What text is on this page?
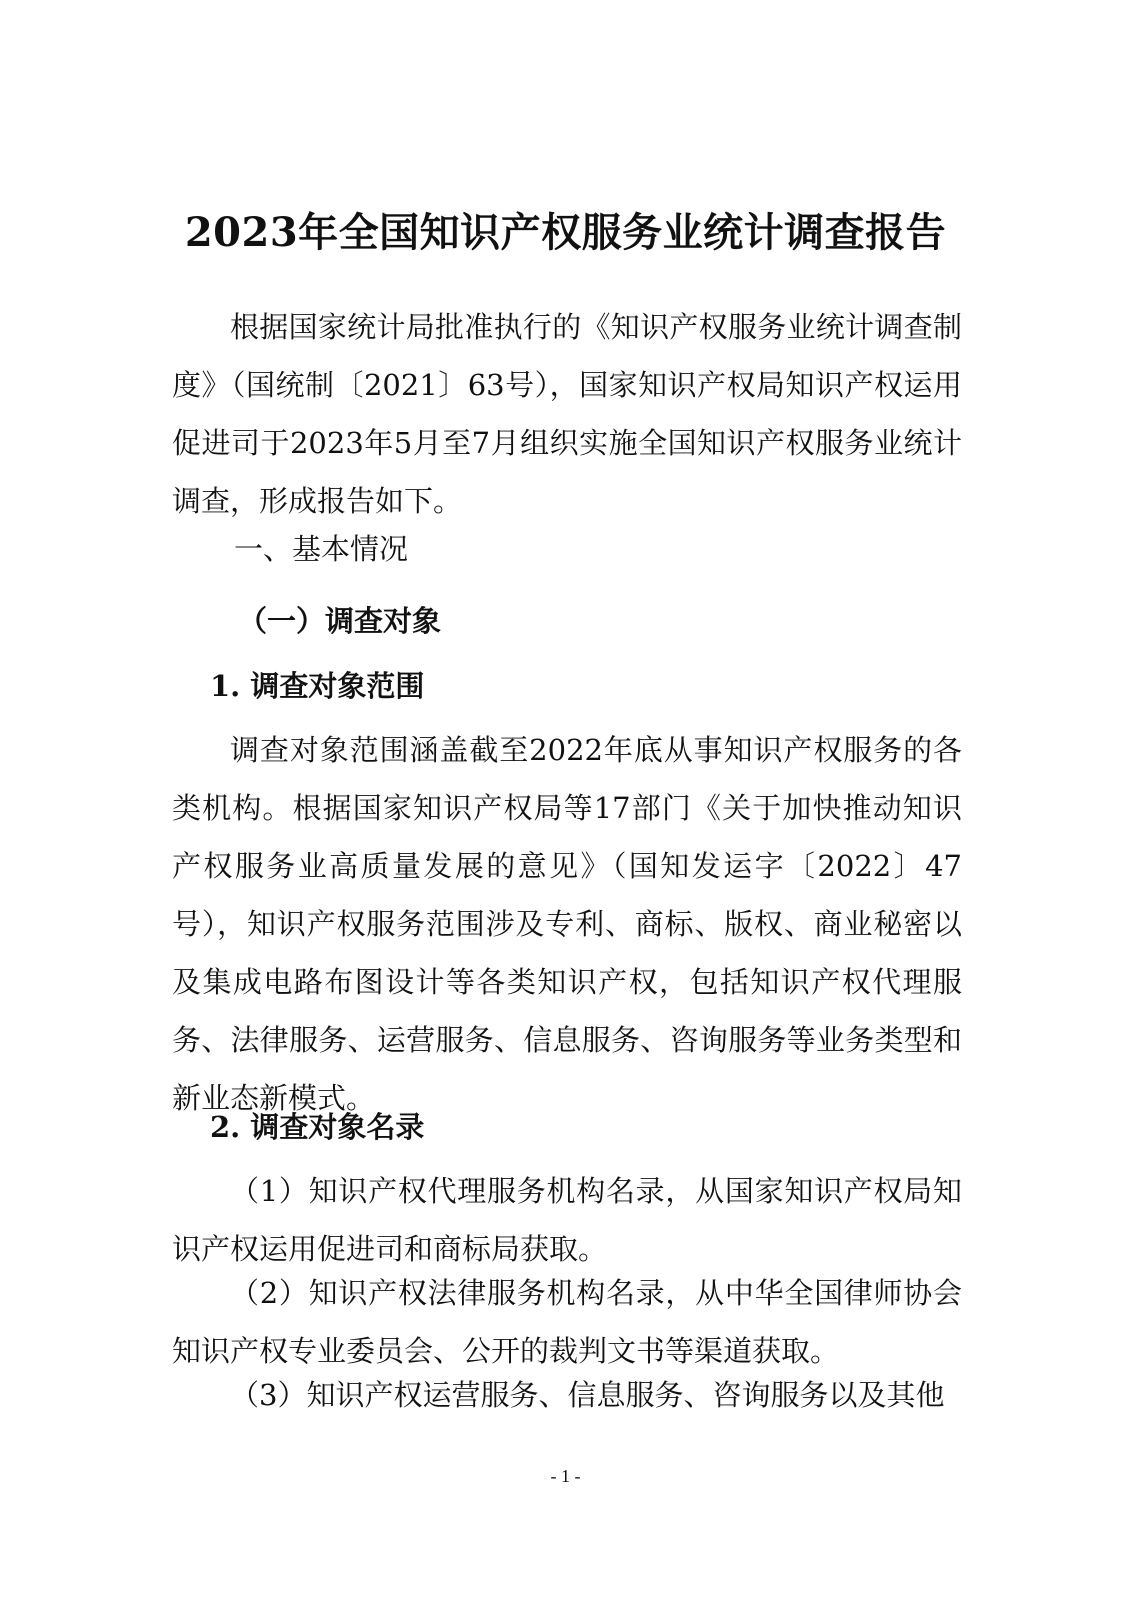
2023年全国知识产权服务业统计调查报告

根据国家统计局批准执行的《知识产权服务业统计调查制度》（国统制〔2021〕63号），国家知识产权局知识产权运用促进司于2023年5月至7月组织实施全国知识产权服务业统计调查，形成报告如下。

一、基本情况
（一）调查对象
1. 调查对象范围

调查对象范围涵盖截至2022年底从事知识产权服务的各类机构。根据国家知识产权局等17部门《关于加快推动知识产权服务业高质量发展的意见》（国知发运字〔2022〕47号），知识产权服务范围涉及专利、商标、版权、商业秘密以及集成电路布图设计等各类知识产权，包括知识产权代理服务、法律服务、运营服务、信息服务、咨询服务等业务类型和新业态新模式。

2. 调查对象名录

（1）知识产权代理服务机构名录，从国家知识产权局知识产权运用促进司和商标局获取。

（2）知识产权法律服务机构名录，从中华全国律师协会知识产权专业委员会、公开的裁判文书等渠道获取。

（3）知识产权运营服务、信息服务、咨询服务以及其他

- 1 -
